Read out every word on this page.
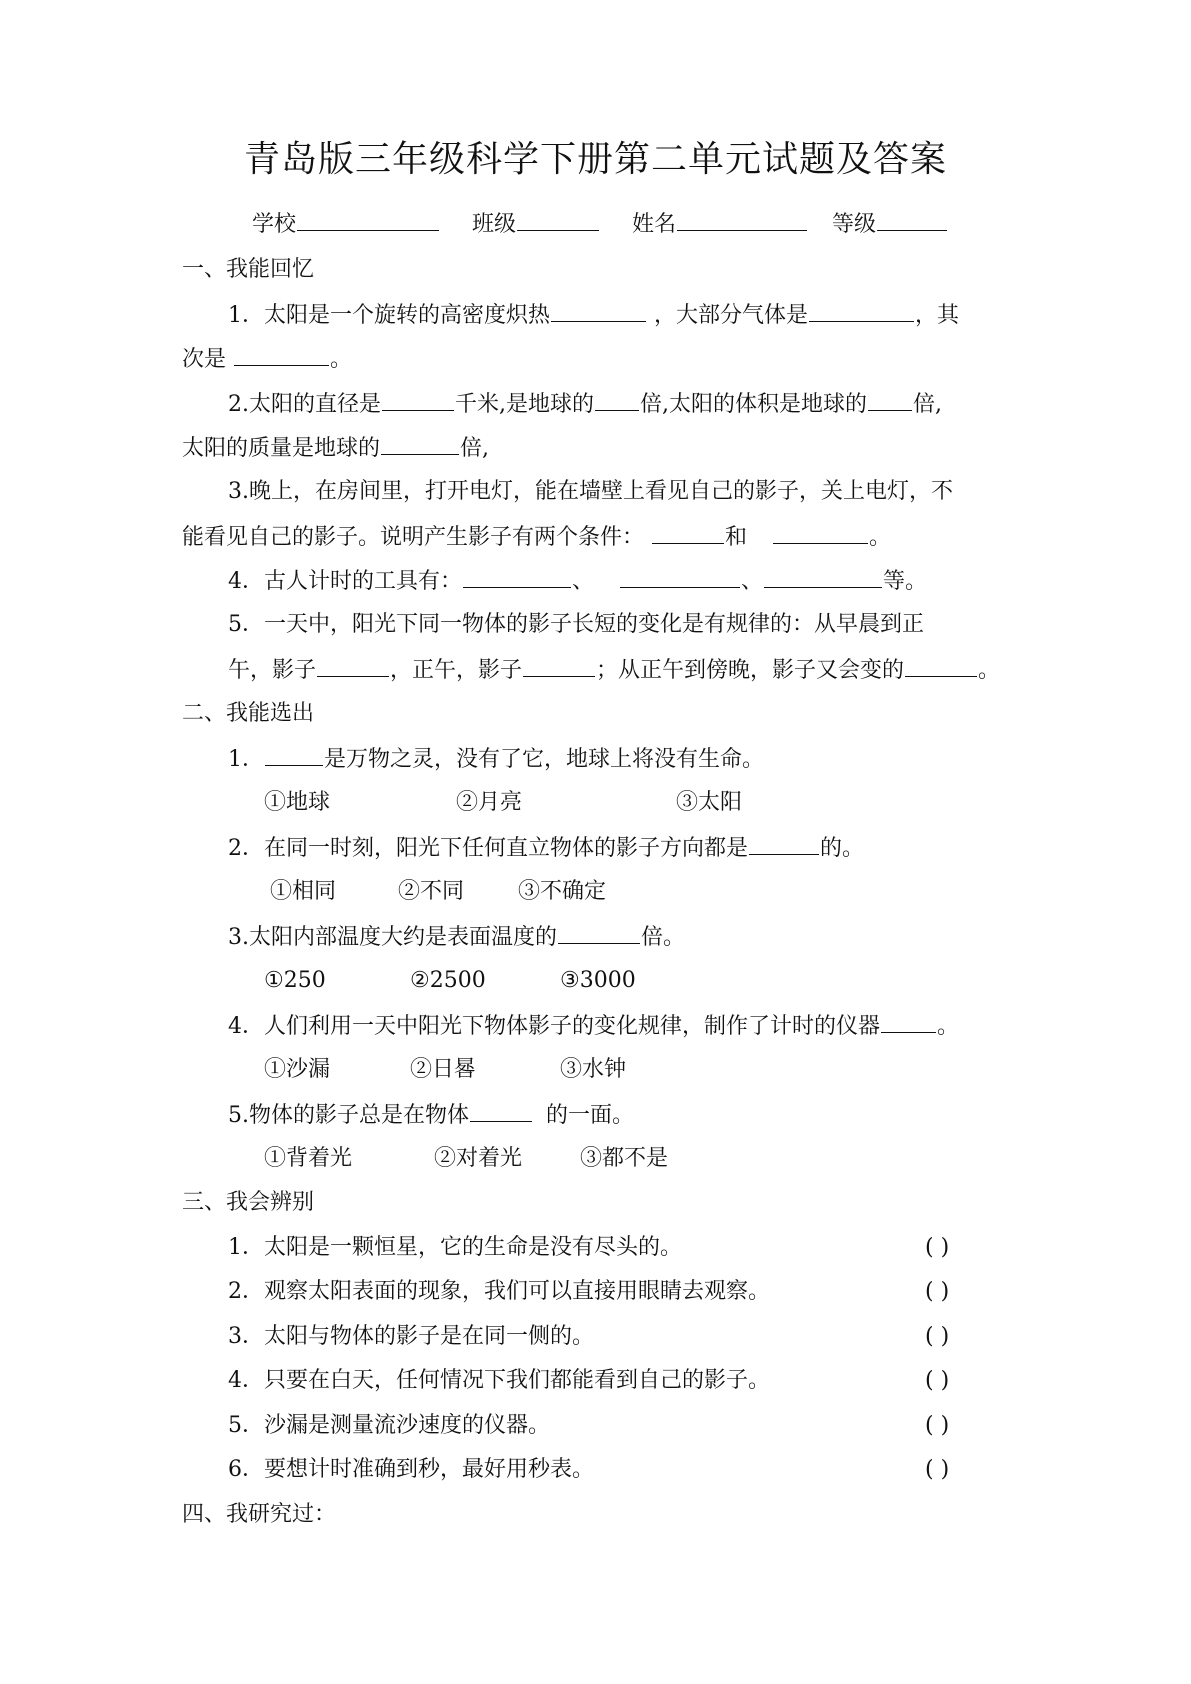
青岛版三年级科学下册第二单元试题及答案
学校	班级	姓名	等级
一、我能回忆
1．太阳是一个旋转的高密度炽热	，大部分气体是	，其
次是	。
2.太阳的直径是	千米,是地球的 倍,太阳的体积是地球的 倍,
太阳的质量是地球的	倍,
3.晚上，在房间里，打开电灯，能在墙壁上看见自己的影子，关上电灯，不
能看见自己的影子。说明产生影子有两个条件：	和	。
4．古人计时的工具有：	、	、	等。
5．一天中，阳光下同一物体的影子长短的变化是有规律的：从早晨到正
午，影子	，正午，影子	；从正午到傍晚，影子又会变的	。
二、我能选出
1．	是万物之灵，没有了它，地球上将没有生命。
①地球	②月亮	③太阳
2．在同一时刻，阳光下任何直立物体的影子方向都是	的。
①相同	②不同 ③不确定
3.太阳内部温度大约是表面温度的	倍。
①250	②2500	③3000
4．人们利用一天中阳光下物体影子的变化规律，制作了计时的仪器	。
①沙漏	②日晷	③水钟
5.物体的影子总是在物体	的一面。
①背着光	②对着光	③都不是
三、我会辨别
1．太阳是一颗恒星，它的生命是没有尽头的。	( )
2．观察太阳表面的现象，我们可以直接用眼睛去观察。	( )
3．太阳与物体的影子是在同一侧的。	( )
4．只要在白天，任何情况下我们都能看到自己的影子。	( )
5．沙漏是测量流沙速度的仪器。	( )
6．要想计时准确到秒，最好用秒表。	( )
四、我研究过：
